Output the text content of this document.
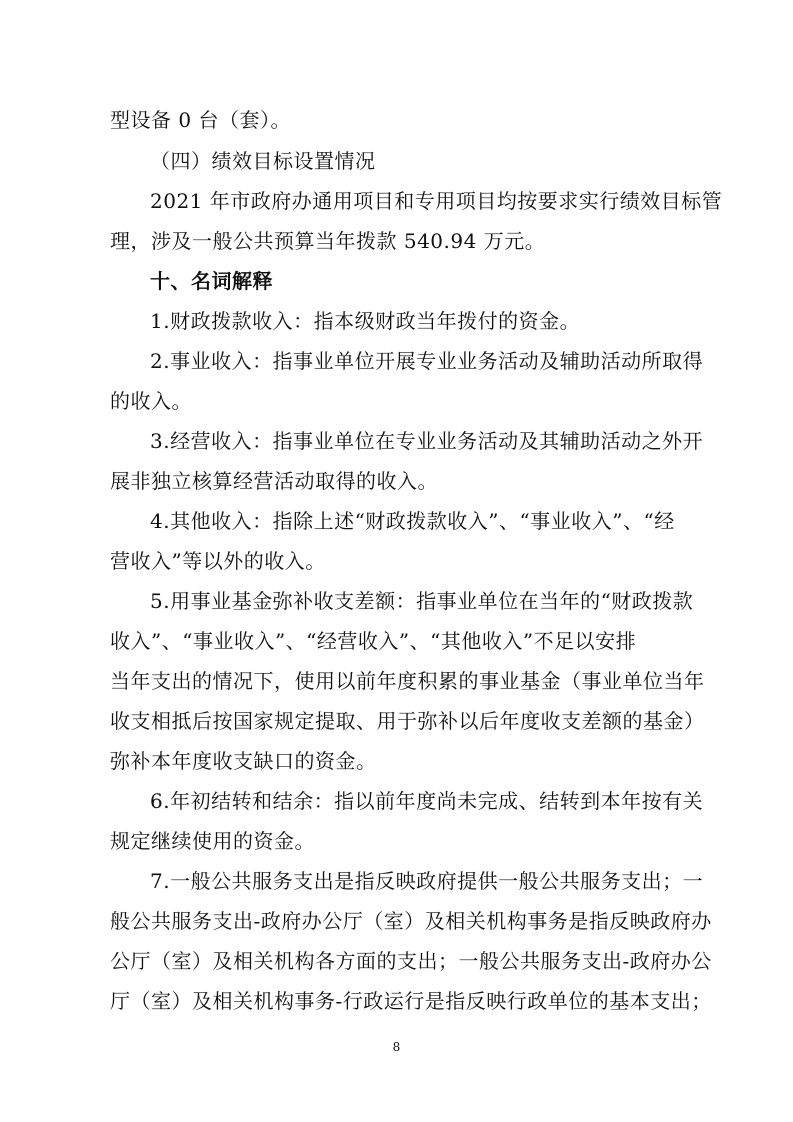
型设备 0 台（套）。
（四）绩效目标设置情况
2021 年市政府办通用项目和专用项目均按要求实行绩效目标管
理，涉及一般公共预算当年拨款 540.94 万元。
十、名词解释
1.财政拨款收入：指本级财政当年拨付的资金。
2.事业收入：指事业单位开展专业业务活动及辅助活动所取得
的收入。
3.经营收入：指事业单位在专业业务活动及其辅助活动之外开
展非独立核算经营活动取得的收入。
4.其他收入：指除上述“财政拨款收入”、“事业收入”、“经
营收入”等以外的收入。
5.用事业基金弥补收支差额：指事业单位在当年的“财政拨款
收入”、“事业收入”、“经营收入”、“其他收入”不足以安排
当年支出的情况下，使用以前年度积累的事业基金（事业单位当年
收支相抵后按国家规定提取、用于弥补以后年度收支差额的基金）
弥补本年度收支缺口的资金。
6.年初结转和结余：指以前年度尚未完成、结转到本年按有关
规定继续使用的资金。
7.一般公共服务支出是指反映政府提供一般公共服务支出；一
般公共服务支出-政府办公厅（室）及相关机构事务是指反映政府办
公厅（室）及相关机构各方面的支出；一般公共服务支出-政府办公
厅（室）及相关机构事务-行政运行是指反映行政单位的基本支出；
8
